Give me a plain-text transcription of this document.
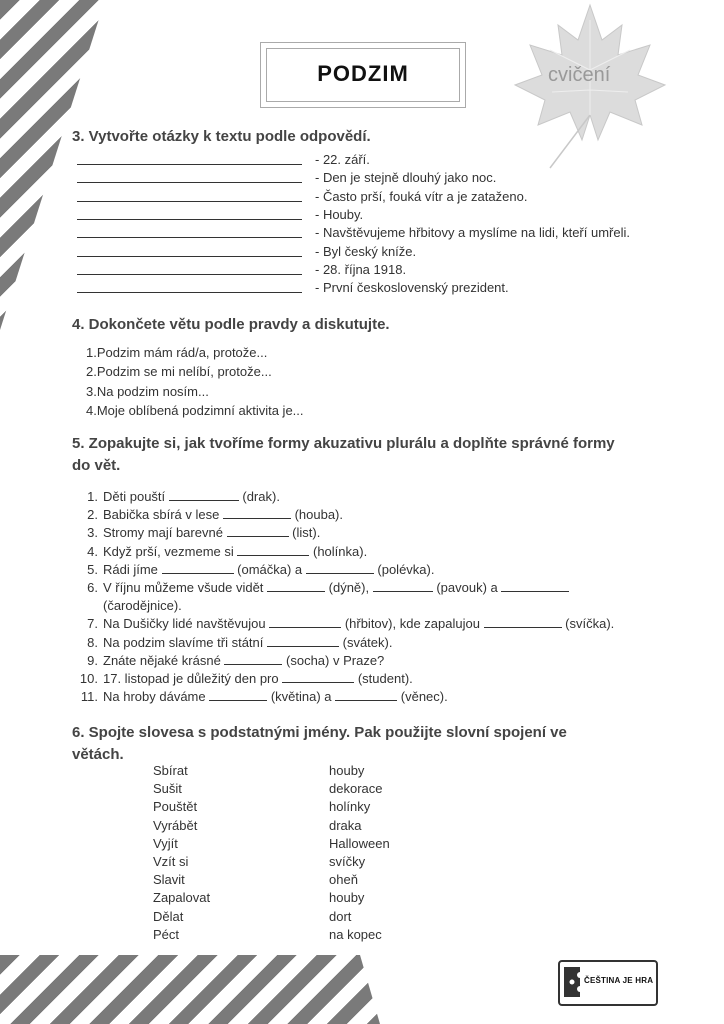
PODZIM	cvičení
3. Vytvořte otázky k textu podle odpovědí.
- 22. září.
- Den je stejně dlouhý jako noc.
- Často prší, fouká vítr a je zataženo.
- Houby.
- Navštěvujeme hřbitovy a myslíme na lidi, kteří umřeli.
- Byl český kníže.
- 28. října 1918.
- První československý prezident.
4. Dokončete větu podle pravdy a diskutujte.
1.Podzim mám rád/a, protože...
2.Podzim se mi nelíbí, protože...
3.Na podzim nosím...
4.Moje oblíbená podzimní aktivita je...
5. Zopakujte si, jak tvoříme formy akuzativu plurálu a doplňte správné formy
do vět.
1. Děti pouští	(drak).
2. Babička sbírá v lese	(houba).
3. Stromy mají barevné	(list).
4. Když prší, vezmeme si	(holínka).
5. Rádi jíme	(omáčka) a	(polévka).
6. V říjnu můžeme všude vidět	(dýně),	(pavouk) a
(čarodějnice).
7. Na Dušičky lidé navštěvujou	(hřbitov), kde zapalujou	(svíčka).
8. Na podzim slavíme tři státní	(svátek).
9. Znáte nějaké krásné	(socha) v Praze?
10. 17. listopad je důležitý den pro	(student).
11. Na hroby dáváme	(květina) a	(věnec).
6. Spojte slovesa s podstatnými jmény. Pak použijte slovní spojení ve
větách.
Sbírat	houby
Sušit	dekorace
Pouštět	holínky
Vyrábět	draka
Vyjít	Halloween
Vzít si	svíčky
Slavit	oheň
Zapalovat	houby
Dělat	dort
Péct	na kopec
ČEŠTINA JE HRA
